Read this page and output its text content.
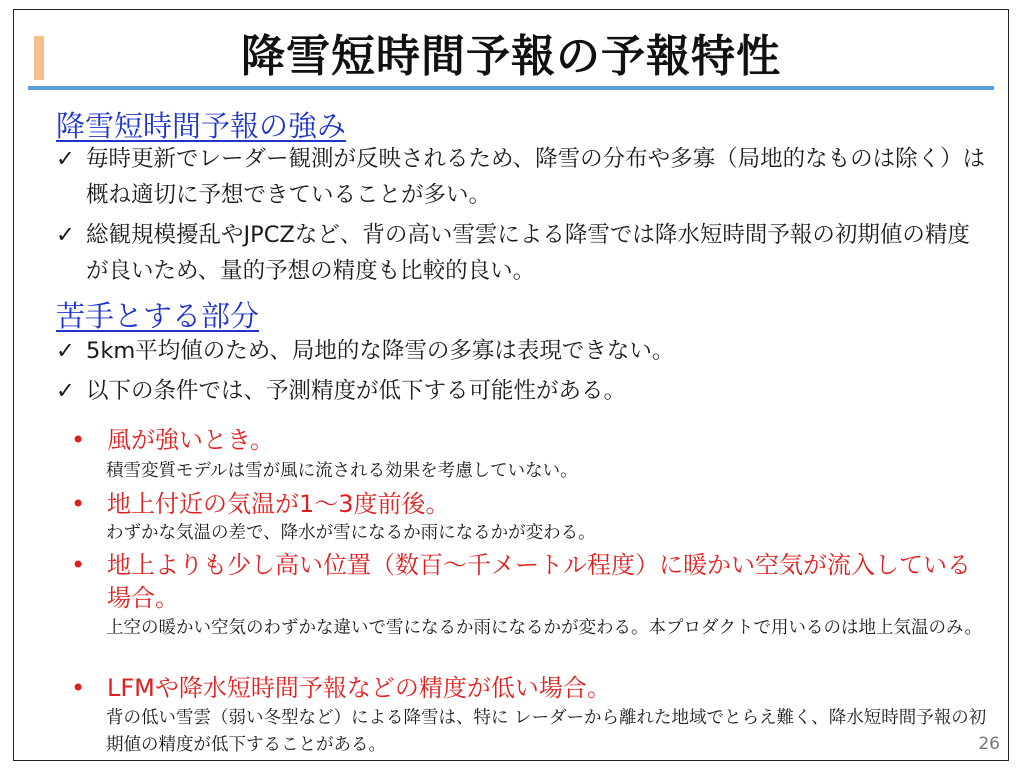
降雪短時間予報の予報特性
降雪短時間予報の強み
✓ 毎時更新でレーダー観測が反映されるため、降雪の分布や多寡（局地的なものは除く）は概ね適切に予想できていることが多い。
✓ 総観規模擾乱やJPCZなど、背の高い雪雲による降雪では降水短時間予報の初期値の精度が良いため、量的予想の精度も比較的良い。
苦手とする部分
✓ 5km平均値のため、局地的な降雪の多寡は表現できない。
✓ 以下の条件では、予測精度が低下する可能性がある。
• 風が強いとき。
積雪変質モデルは雪が風に流される効果を考慮していない。
• 地上付近の気温が1～3度前後。
わずかな気温の差で、降水が雪になるか雨になるかが変わる。
• 地上よりも少し高い位置（数百～千メートル程度）に暖かい空気が流入している場合。
上空の暖かい空気のわずかな違いで雪になるか雨になるかが変わる。本プロダクトで用いるのは地上気温のみ。
• LFMや降水短時間予報などの精度が低い場合。
背の低い雪雲（弱い冬型など）による降雪は、特に レーダーから離れた地域でとらえ難く、降水短時間予報の初期値の精度が低下することがある。	26
